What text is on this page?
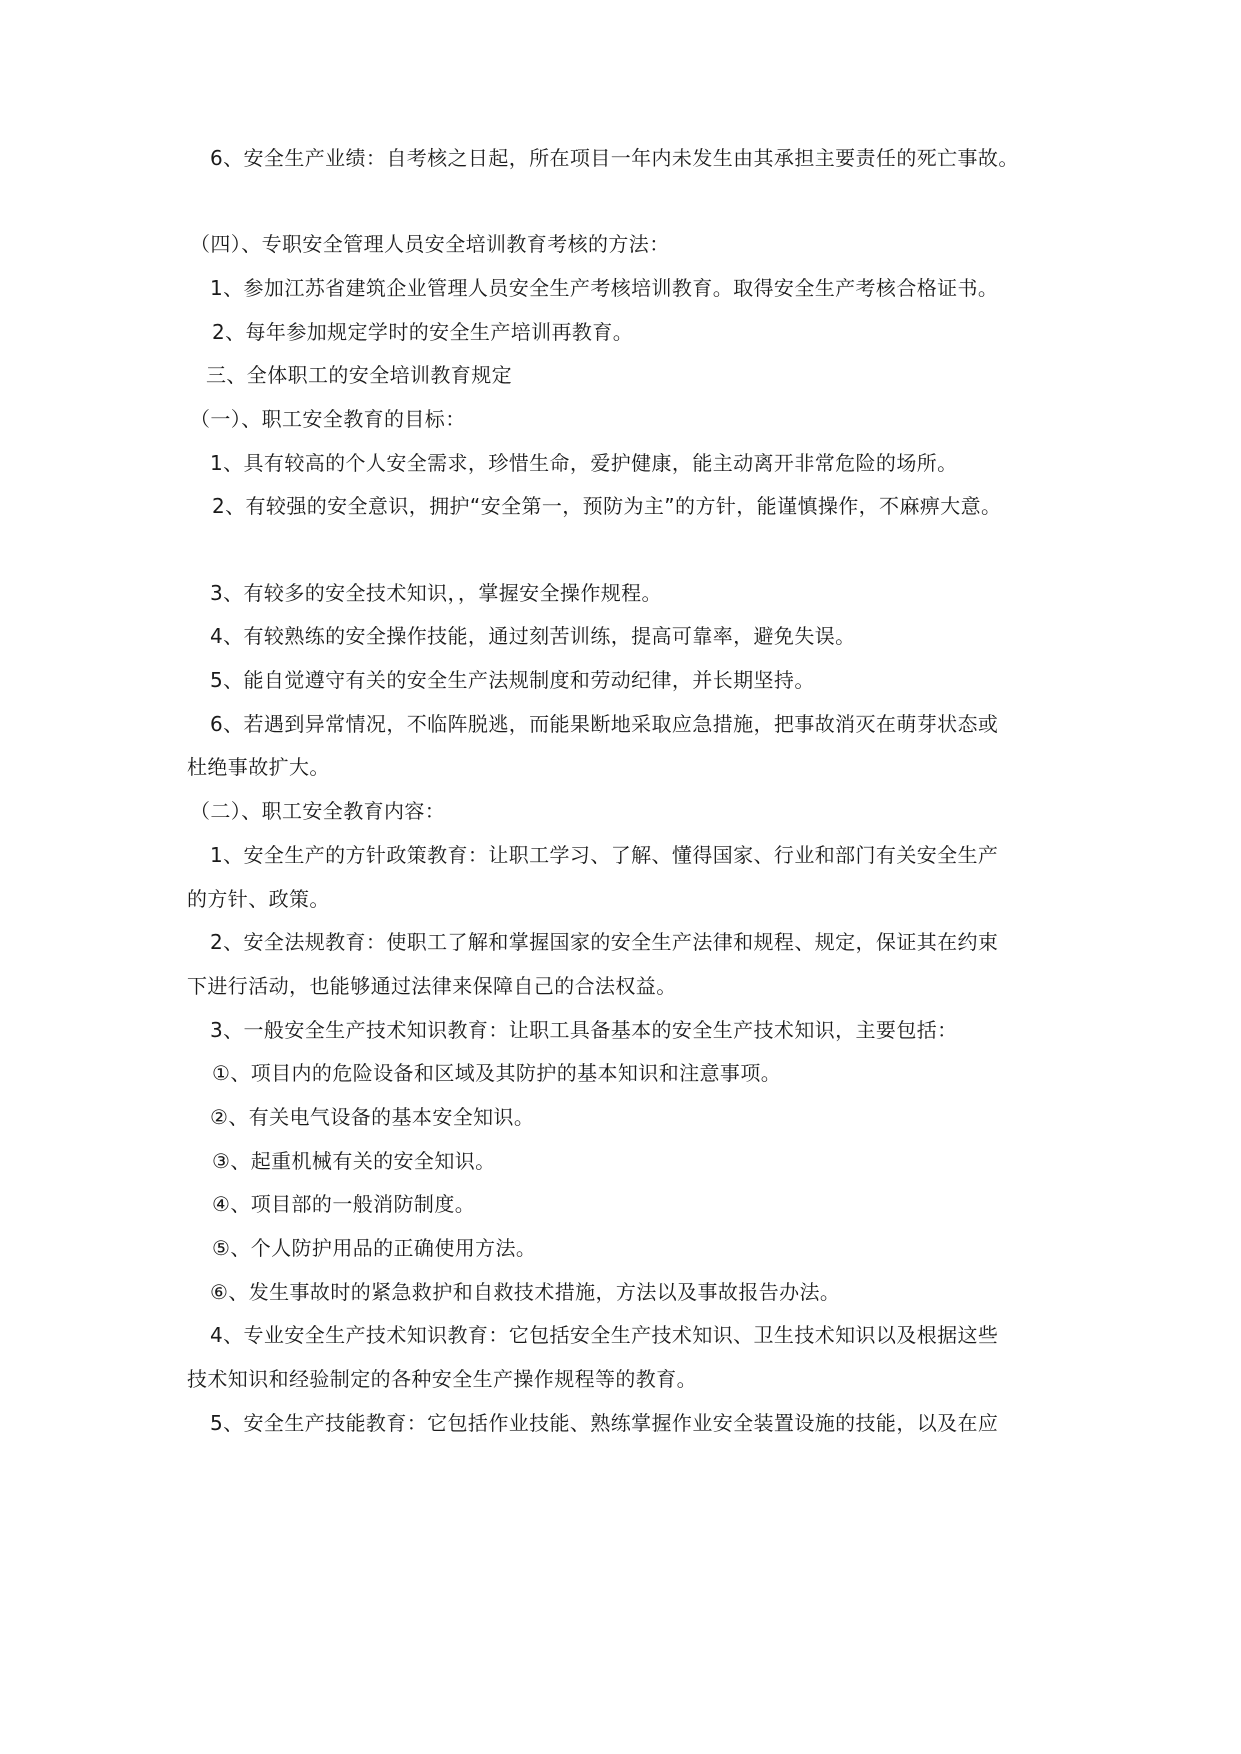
6、安全生产业绩：自考核之日起，所在项目一年内未发生由其承担主要责任的死亡事故。
（四）、专职安全管理人员安全培训教育考核的方法：
1、参加江苏省建筑企业管理人员安全生产考核培训教育。取得安全生产考核合格证书。
2、每年参加规定学时的安全生产培训再教育。
三、全体职工的安全培训教育规定
（一）、职工安全教育的目标：
1、具有较高的个人安全需求，珍惜生命，爱护健康，能主动离开非常危险的场所。
2、有较强的安全意识，拥护“安全第一，预防为主”的方针，能谨慎操作，不麻痹大意。
3、有较多的安全技术知识，，掌握安全操作规程。
4、有较熟练的安全操作技能，通过刻苦训练，提高可靠率，避免失误。
5、能自觉遵守有关的安全生产法规制度和劳动纪律，并长期坚持。
6、若遇到异常情况，不临阵脱逃，而能果断地采取应急措施，把事故消灭在萌芽状态或
杜绝事故扩大。
（二）、职工安全教育内容：
1、安全生产的方针政策教育：让职工学习、了解、懂得国家、行业和部门有关安全生产
的方针、政策。
2、安全法规教育：使职工了解和掌握国家的安全生产法律和规程、规定，保证其在约束
下进行活动，也能够通过法律来保障自己的合法权益。
3、一般安全生产技术知识教育：让职工具备基本的安全生产技术知识，主要包括：
①、项目内的危险设备和区域及其防护的基本知识和注意事项。
②、有关电气设备的基本安全知识。
③、起重机械有关的安全知识。
④、项目部的一般消防制度。
⑤、个人防护用品的正确使用方法。
⑥、发生事故时的紧急救护和自救技术措施，方法以及事故报告办法。
4、专业安全生产技术知识教育：它包括安全生产技术知识、卫生技术知识以及根据这些
技术知识和经验制定的各种安全生产操作规程等的教育。
5、安全生产技能教育：它包括作业技能、熟练掌握作业安全装置设施的技能，以及在应
